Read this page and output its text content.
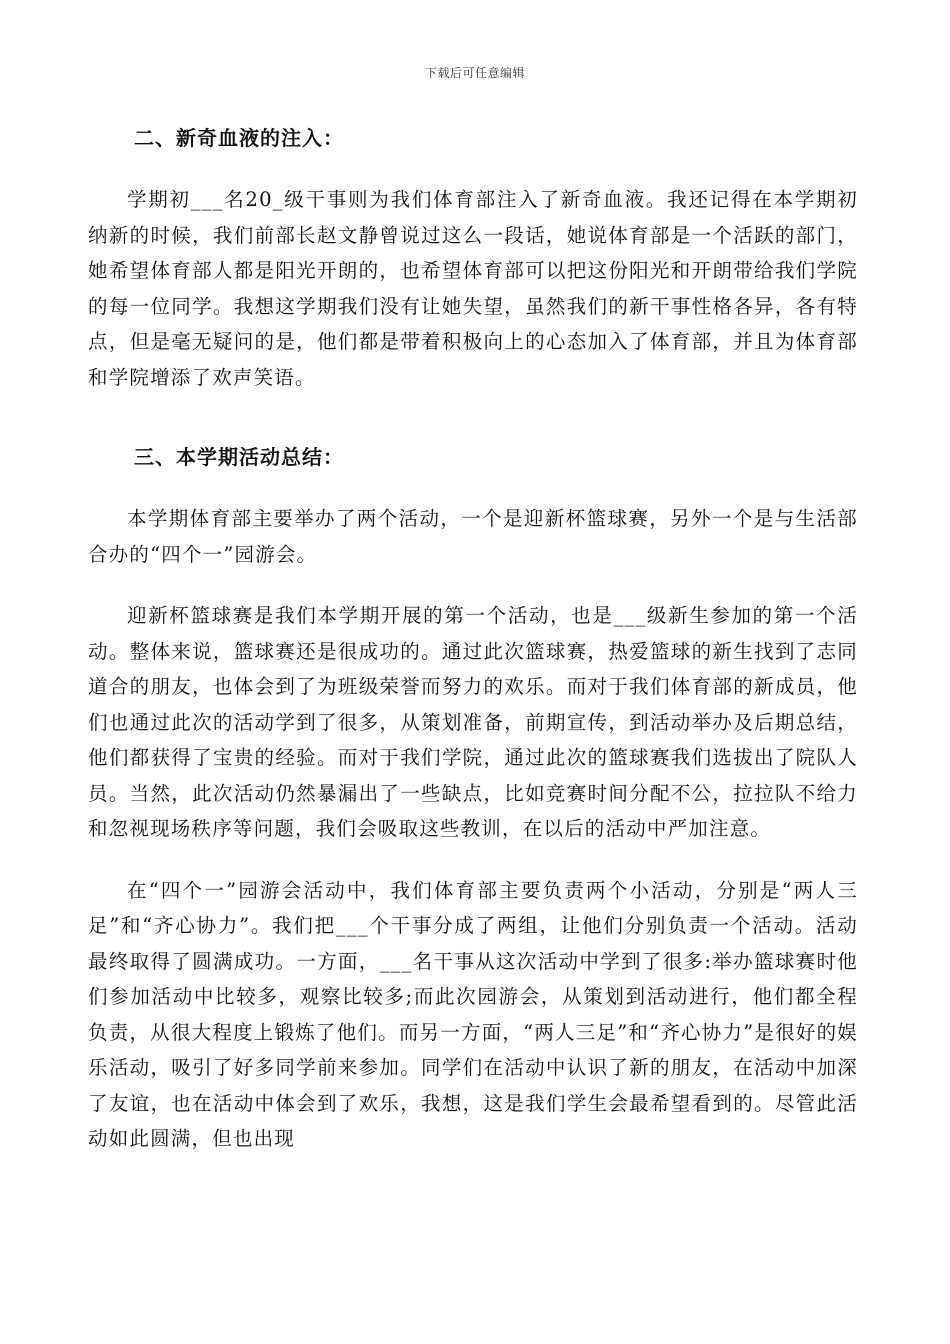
下载后可任意编辑
二、新奇血液的注入：

学期初___名20_级干事则为我们体育部注入了新奇血液。我还记得在本学期初纳新的时候，我们前部长赵文静曾说过这么一段话，她说体育部是一个活跃的部门，她希望体育部人都是阳光开朗的，也希望体育部可以把这份阳光和开朗带给我们学院的每一位同学。我想这学期我们没有让她失望，虽然我们的新干事性格各异，各有特点，但是毫无疑问的是，他们都是带着积极向上的心态加入了体育部，并且为体育部和学院增添了欢声笑语。

三、本学期活动总结：

本学期体育部主要举办了两个活动，一个是迎新杯篮球赛，另外一个是与生活部合办的“四个一”园游会。

迎新杯篮球赛是我们本学期开展的第一个活动，也是___级新生参加的第一个活动。整体来说，篮球赛还是很成功的。通过此次篮球赛，热爱篮球的新生找到了志同道合的朋友，也体会到了为班级荣誉而努力的欢乐。而对于我们体育部的新成员，他们也通过此次的活动学到了很多，从策划准备，前期宣传，到活动举办及后期总结，他们都获得了宝贵的经验。而对于我们学院，通过此次的篮球赛我们选拔出了院队人员。当然，此次活动仍然暴漏出了一些缺点，比如竞赛时间分配不公，拉拉队不给力和忽视现场秩序等问题，我们会吸取这些教训，在以后的活动中严加注意。

在“四个一”园游会活动中，我们体育部主要负责两个小活动，分别是“两人三足”和“齐心协力”。我们把___个干事分成了两组，让他们分别负责一个活动。活动最终取得了圆满成功。一方面，___名干事从这次活动中学到了很多:举办篮球赛时他们参加活动中比较多，观察比较多;而此次园游会，从策划到活动进行，他们都全程负责，从很大程度上锻炼了他们。而另一方面，“两人三足”和“齐心协力”是很好的娱乐活动，吸引了好多同学前来参加。同学们在活动中认识了新的朋友，在活动中加深了友谊，也在活动中体会到了欢乐，我想，这是我们学生会最希望看到的。尽管此活动如此圆满，但也出现
